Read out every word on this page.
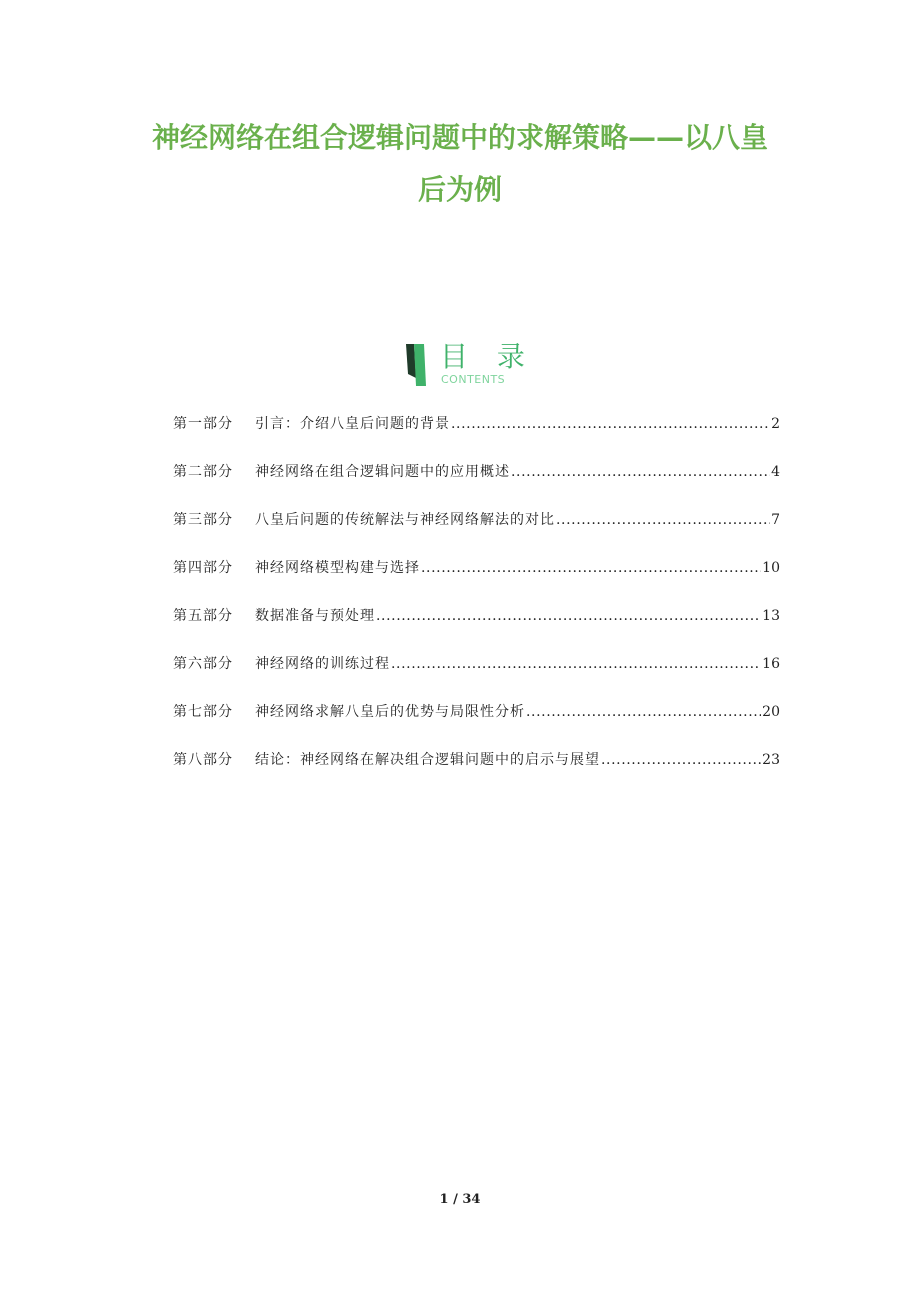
神经网络在组合逻辑问题中的求解策略——以八皇
后为例
目 录
CONTENTS
第一部分	引言：介绍八皇后问题的背景 .....	2
第二部分	神经网络在组合逻辑问题中的应用概述 .....	4
第三部分	八皇后问题的传统解法与神经网络解法的对比 .....	7
第四部分	神经网络模型构建与选择 .....	10
第五部分	数据准备与预处理 .....	13
第六部分	神经网络的训练过程 .....	16
第七部分	神经网络求解八皇后的优势与局限性分析 .....	20
第八部分	结论：神经网络在解决组合逻辑问题中的启示与展望 .....	23
1 / 34
